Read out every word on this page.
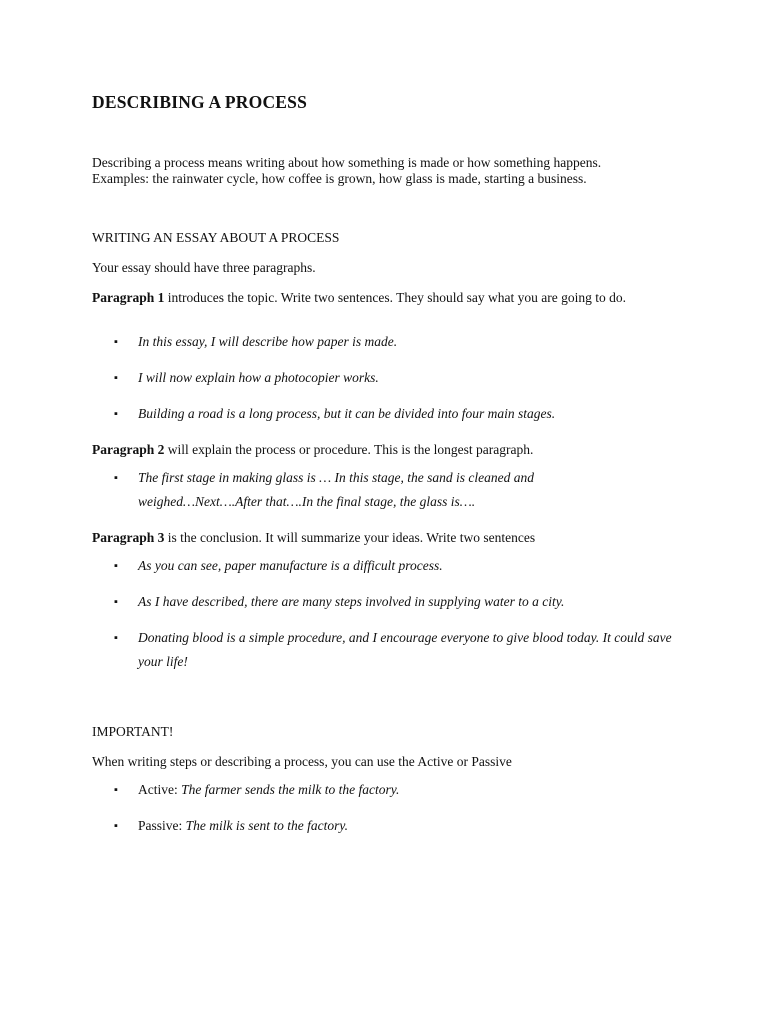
DESCRIBING A PROCESS

Describing a process means writing about how something is made or how something happens.
Examples: the rainwater cycle, how coffee is grown, how glass is made, starting a business.

WRITING AN ESSAY ABOUT A PROCESS

Your essay should have three paragraphs.

Paragraph 1 introduces the topic. Write two sentences. They should say what you are going to do.

▪ In this essay, I will describe how paper is made.
▪ I will now explain how a photocopier works.
▪ Building a road is a long process, but it can be divided into four main stages.

Paragraph 2 will explain the process or procedure. This is the longest paragraph.

▪ The first stage in making glass is … In this stage, the sand is cleaned and weighed…Next….After that….In the final stage, the glass is….

Paragraph 3 is the conclusion. It will summarize your ideas. Write two sentences

▪ As you can see, paper manufacture is a difficult process.
▪ As I have described, there are many steps involved in supplying water to a city.
▪ Donating blood is a simple procedure, and I encourage everyone to give blood today. It could save your life!

IMPORTANT!

When writing steps or describing a process, you can use the Active or Passive

▪ Active: The farmer sends the milk to the factory.
▪ Passive: The milk is sent to the factory.
